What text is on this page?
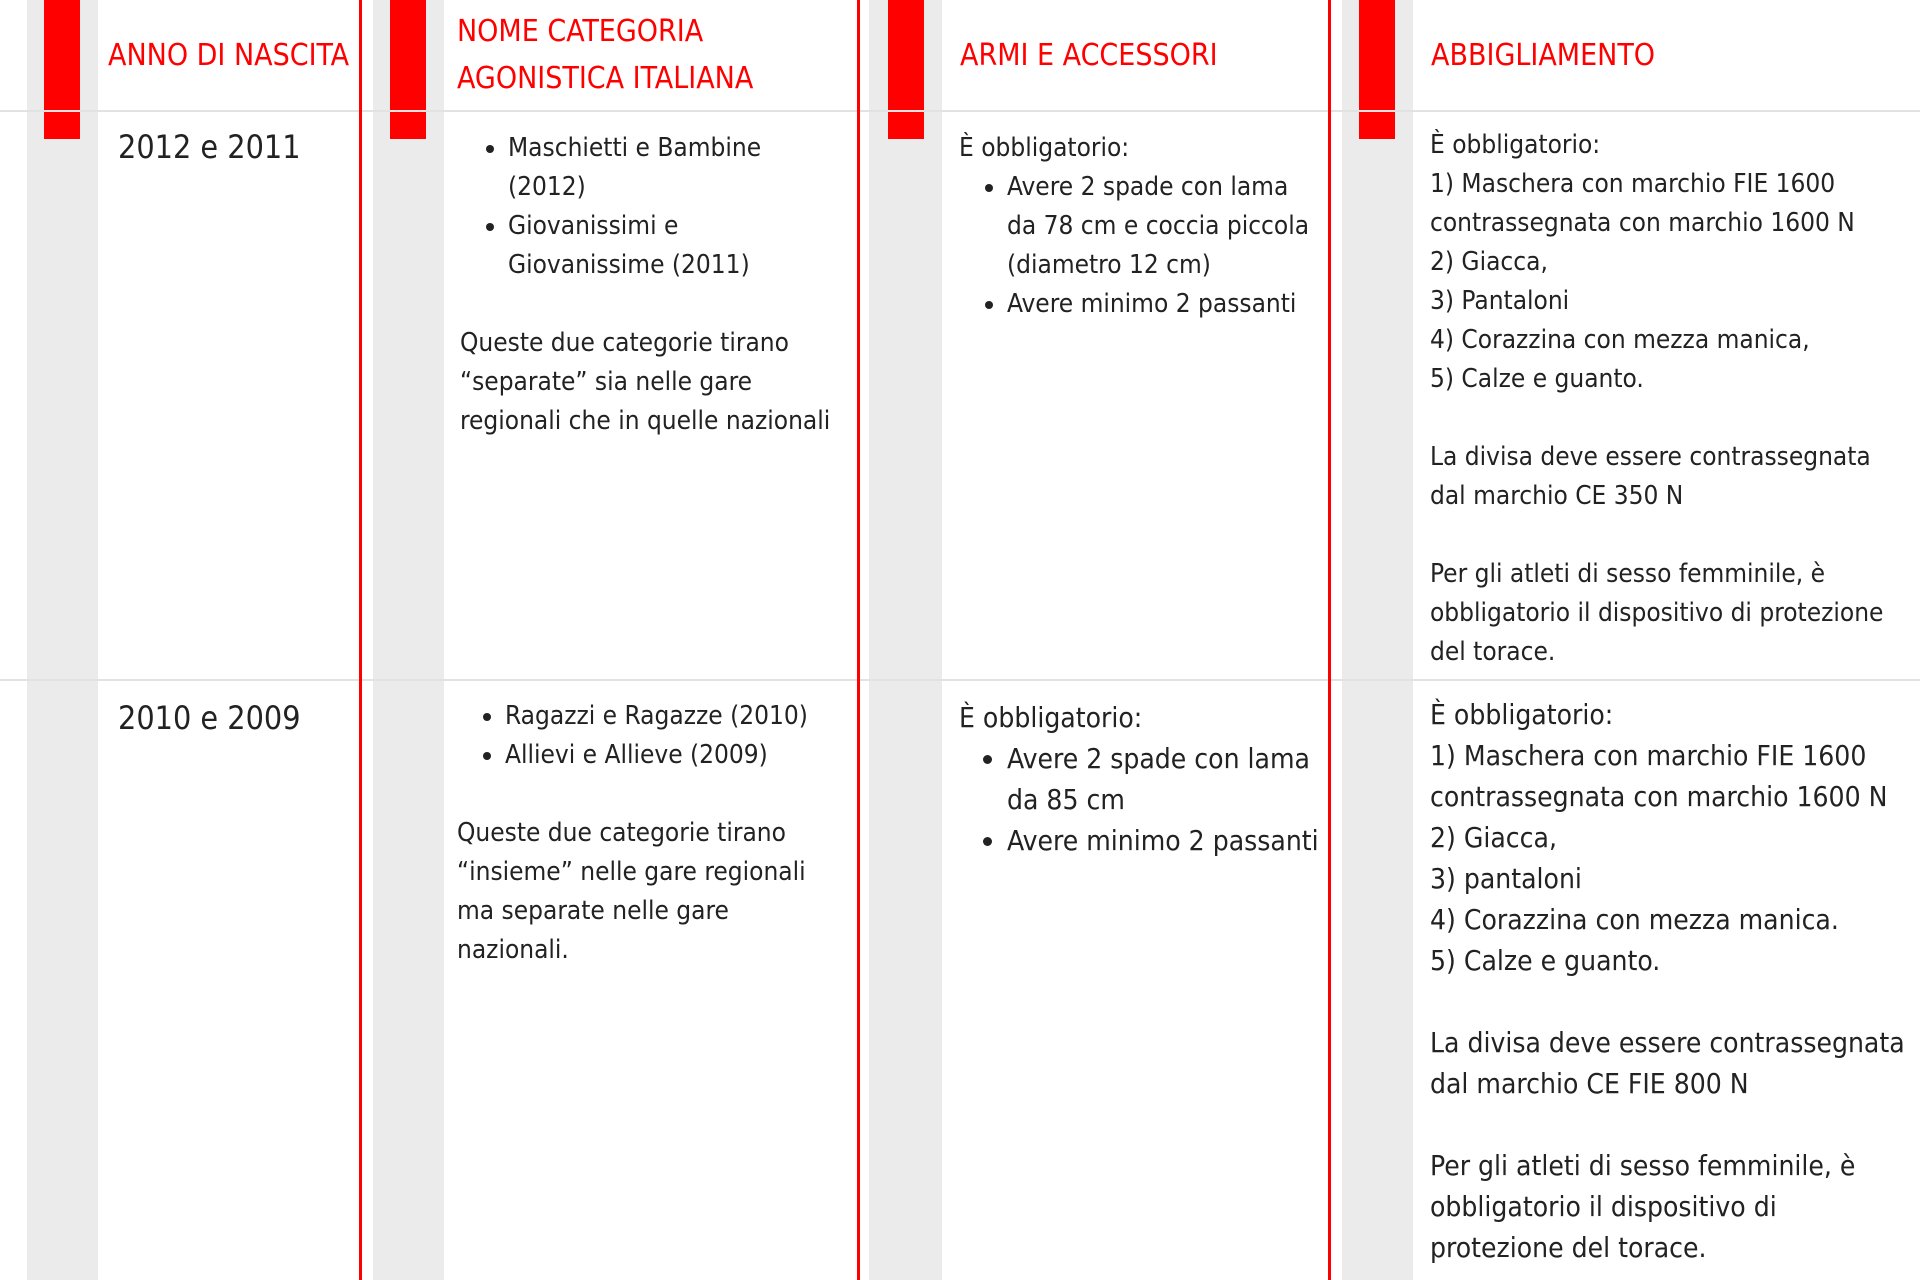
ANNO DI NASCITA
2012 e 2011
2010 e 2009
NOME CATEGORIA
AGONISTICA ITALIANA
• Maschietti e Bambine (2012)
• Giovanissimi e Giovanissime (2011)

Queste due categorie tirano “separate” sia nelle gare regionali che in quelle nazionali

• Ragazzi e Ragazze (2010)
• Allievi e Allieve (2009)

Queste due categorie tirano “insieme” nelle gare regionali ma separate nelle gare nazionali.

ARMI E ACCESSORI

È obbligatorio:

• Avere 2 spade con lama da 78 cm e coccia piccola (diametro 12 cm)
• Avere minimo 2 passanti

È obbligatorio:

• Avere 2 spade con lama da 85 cm
• Avere minimo 2 passanti
ABBIGLIAMENTO

È obbligatorio:

1) Maschera con marchio FIE 1600 contrassegnata con marchio 1600 N

2) Giacca,

3) Pantaloni

4) Corazzina con mezza manica,

5) Calze e guanto.

La divisa deve essere contrassegnata dal marchio CE 350 N

Per gli atleti di sesso femminile, è obbligatorio il dispositivo di protezione del torace.

È obbligatorio:

1) Maschera con marchio FIE 1600 contrassegnata con marchio 1600 N

2) Giacca,

3) pantaloni

4) Corazzina con mezza manica.

5) Calze e guanto.

La divisa deve essere contrassegnata dal marchio CE FIE 800 N

Per gli atleti di sesso femminile, è obbligatorio il dispositivo di protezione del torace.
